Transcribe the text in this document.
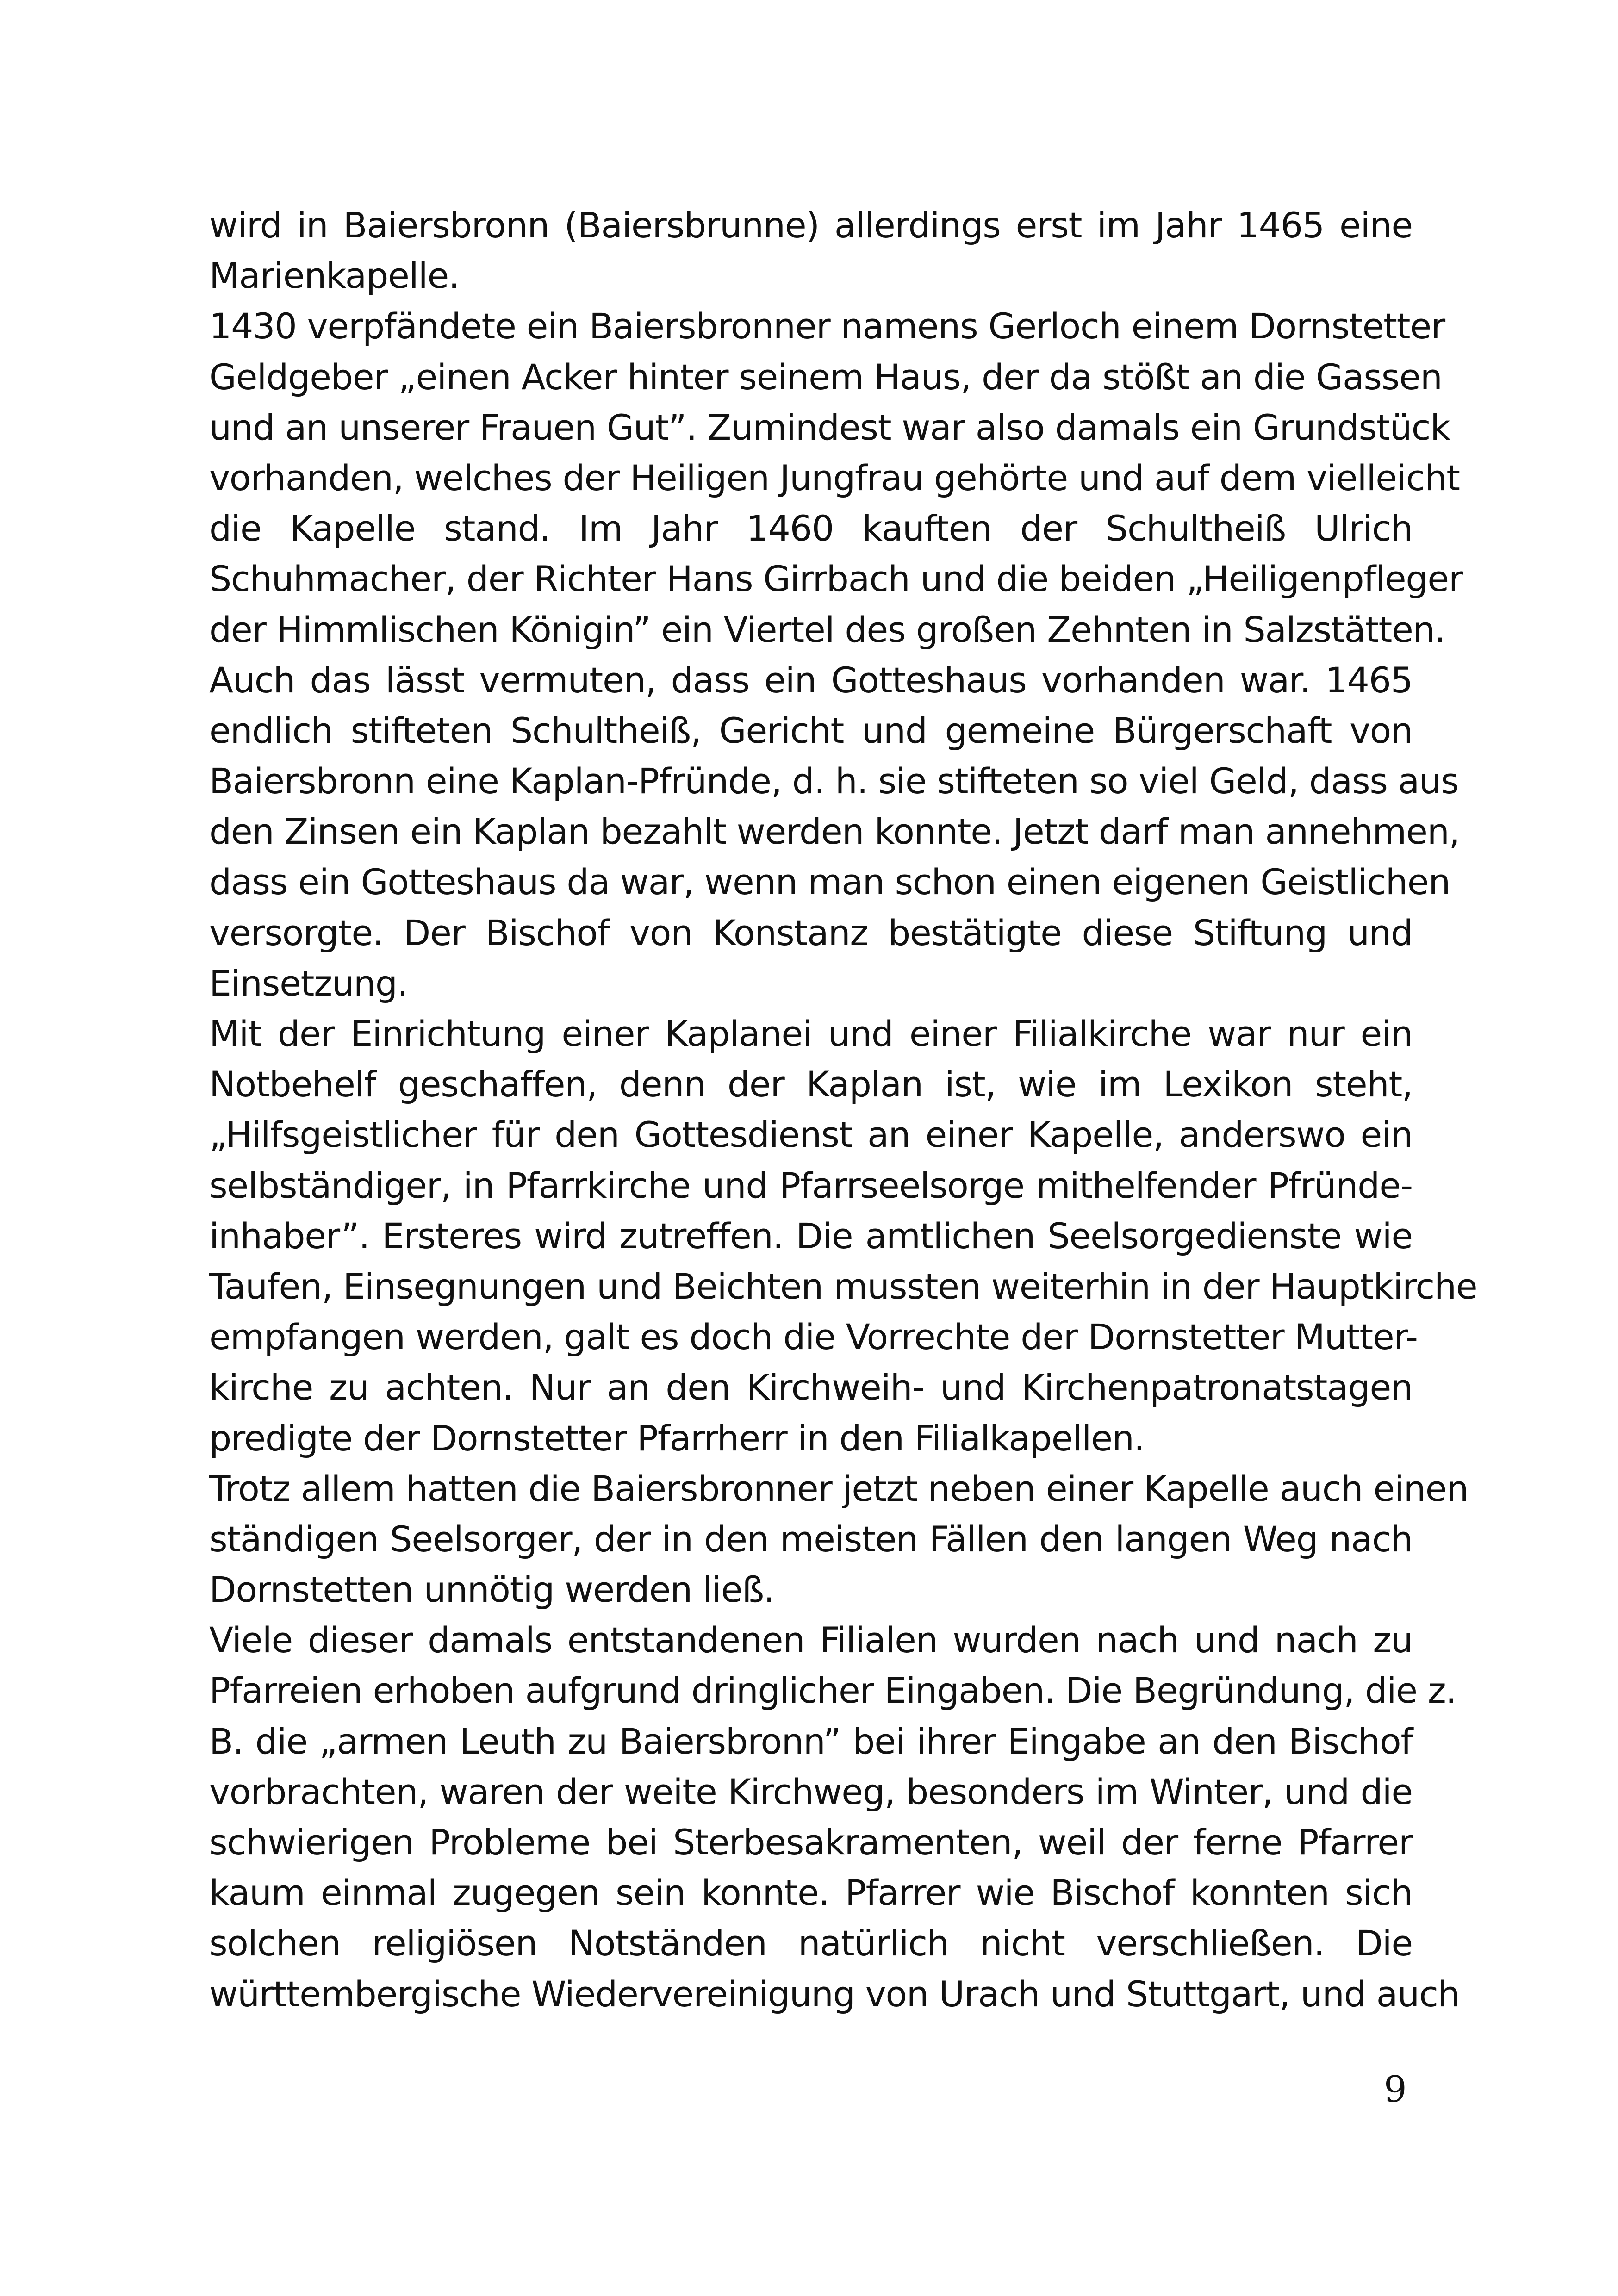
wird in Baiersbronn (Baiersbrunne) allerdings erst im Jahr 1465 eine
Marienkapelle.
1430 verpfändete ein Baiersbronner namens Gerloch einem Dornstetter
Geldgeber „einen Acker hinter seinem Haus, der da stößt an die Gassen
und an unserer Frauen Gut”. Zumindest war also damals ein Grundstück
vorhanden, welches der Heiligen Jungfrau gehörte und auf dem vielleicht
die Kapelle stand. Im Jahr 1460 kauften der Schultheiß Ulrich
Schuhmacher, der Richter Hans Girrbach und die beiden „Heiligenpfleger
der Himmlischen Königin” ein Viertel des großen Zehnten in Salzstätten.
Auch das lässt vermuten, dass ein Gotteshaus vorhanden war. 1465
endlich stifteten Schultheiß, Gericht und gemeine Bürgerschaft von
Baiersbronn eine Kaplan-Pfründe, d. h. sie stifteten so viel Geld, dass aus
den Zinsen ein Kaplan bezahlt werden konnte. Jetzt darf man annehmen,
dass ein Gotteshaus da war, wenn man schon einen eigenen Geistlichen
versorgte. Der Bischof von Konstanz bestätigte diese Stiftung und
Einsetzung.
Mit der Einrichtung einer Kaplanei und einer Filialkirche war nur ein
Notbehelf geschaffen, denn der Kaplan ist, wie im Lexikon steht,
„Hilfsgeistlicher für den Gottesdienst an einer Kapelle, anderswo ein
selbständiger, in Pfarrkirche und Pfarrseelsorge mithelfender Pfründe-
inhaber”. Ersteres wird zutreffen. Die amtlichen Seelsorgedienste wie
Taufen, Einsegnungen und Beichten mussten weiterhin in der Hauptkirche
empfangen werden, galt es doch die Vorrechte der Dornstetter Mutter-
kirche zu achten. Nur an den Kirchweih- und Kirchenpatronatstagen
predigte der Dornstetter Pfarrherr in den Filialkapellen.
Trotz allem hatten die Baiersbronner jetzt neben einer Kapelle auch einen
ständigen Seelsorger, der in den meisten Fällen den langen Weg nach
Dornstetten unnötig werden ließ.
Viele dieser damals entstandenen Filialen wurden nach und nach zu
Pfarreien erhoben aufgrund dringlicher Eingaben. Die Begründung, die z.
B. die „armen Leuth zu Baiersbronn” bei ihrer Eingabe an den Bischof
vorbrachten, waren der weite Kirchweg, besonders im Winter, und die
schwierigen Probleme bei Sterbesakramenten, weil der ferne Pfarrer
kaum einmal zugegen sein konnte. Pfarrer wie Bischof konnten sich
solchen religiösen Notständen natürlich nicht verschließen. Die
württembergische Wiedervereinigung von Urach und Stuttgart, und auch
9
